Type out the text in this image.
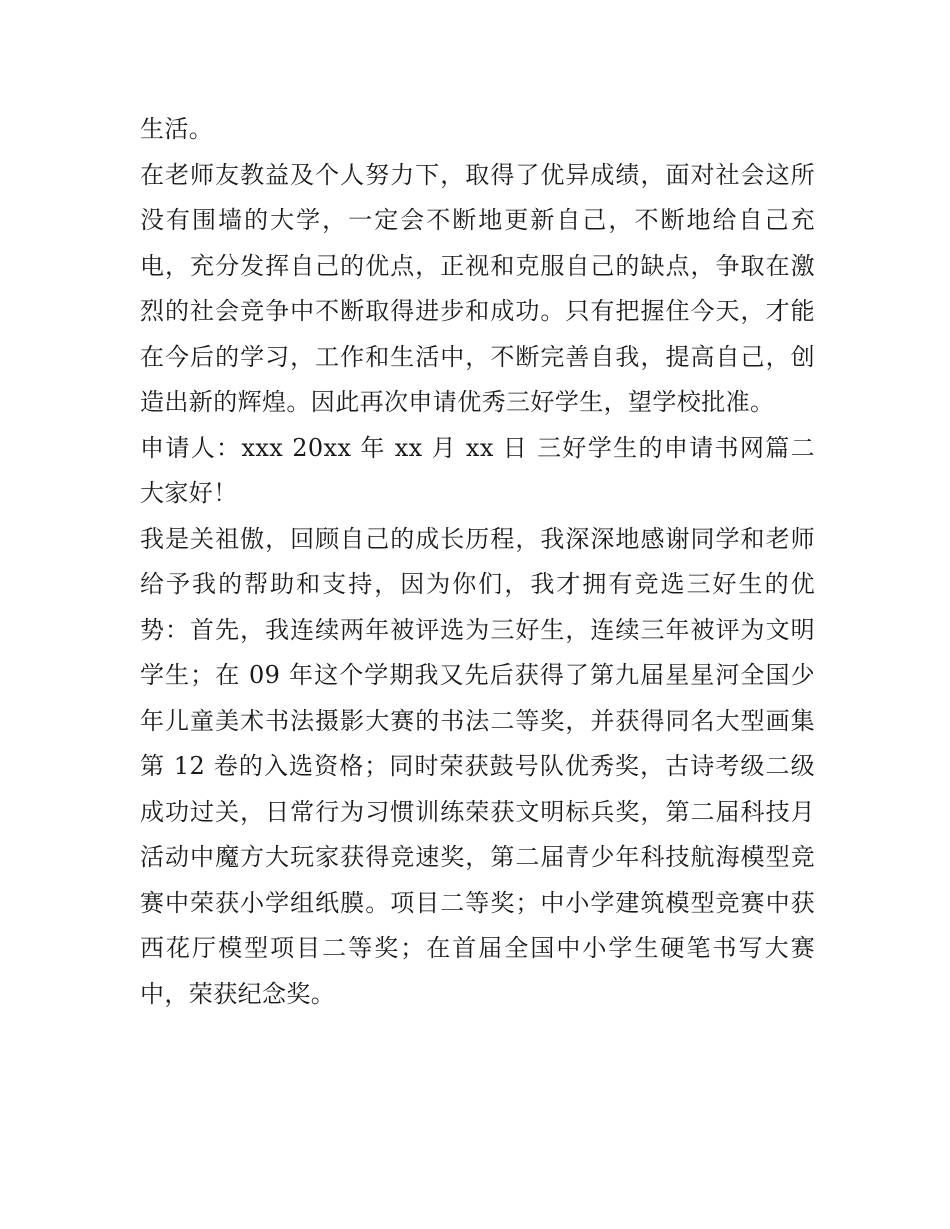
生活。

在老师友教益及个人努力下，取得了优异成绩，面对社会这所没有围墙的大学，一定会不断地更新自己，不断地给自己充电，充分发挥自己的优点，正视和克服自己的缺点，争取在激烈的社会竞争中不断取得进步和成功。只有把握住今天，才能在今后的学习，工作和生活中，不断完善自我，提高自己，创造出新的辉煌。因此再次申请优秀三好学生，望学校批准。

申请人：xxx 20xx 年 xx 月 xx 日 三好学生的申请书网篇二 大家好！

我是关祖傲，回顾自己的成长历程，我深深地感谢同学和老师给予我的帮助和支持，因为你们，我才拥有竞选三好生的优势：首先，我连续两年被评选为三好生，连续三年被评为文明学生；在 09 年这个学期我又先后获得了第九届星星河全国少年儿童美术书法摄影大赛的书法二等奖，并获得同名大型画集第 12 卷的入选资格；同时荣获鼓号队优秀奖，古诗考级二级成功过关，日常行为习惯训练荣获文明标兵奖，第二届科技月活动中魔方大玩家获得竞速奖，第二届青少年科技航海模型竞赛中荣获小学组纸膜。项目二等奖；中小学建筑模型竞赛中获西花厅模型项目二等奖；在首届全国中小学生硬笔书写大赛中，荣获纪念奖。
